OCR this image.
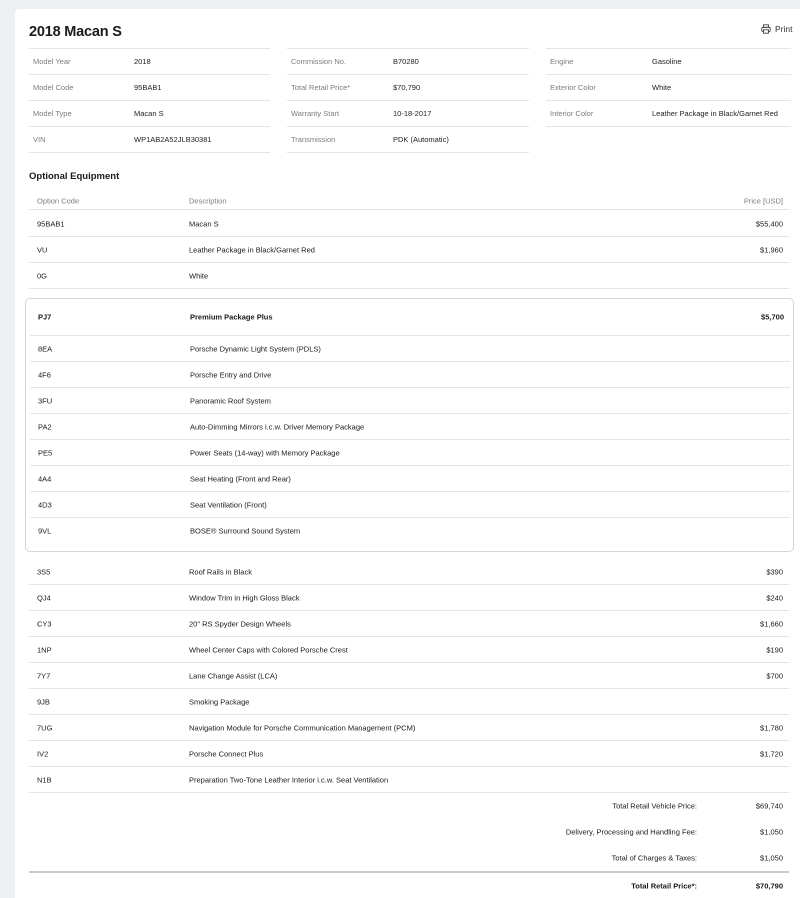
2018 Macan S	Print
Model Year	2018
Model Code	95BAB1
Model Type	Macan S
VIN	WP1AB2A52JLB30381
Commission No.	B70280
Total Retail Price*	$70,790
Warranty Start	10-18-2017
Transmission	PDK (Automatic)
Engine	Gasoline
Exterior Color	White
Interior Color	Leather Package in Black/Garnet Red
Optional Equipment
Option Code	Description	Price [USD]
95BAB1	Macan S	$55,400
VU	Leather Package in Black/Garnet Red	$1,960
0G	White
PJ7	Premium Package Plus	$5,700
8EA	Porsche Dynamic Light System (PDLS)
4F6	Porsche Entry and Drive
3FU	Panoramic Roof System
PA2	Auto-Dimming Mirrors i.c.w. Driver Memory Package
PE5	Power Seats (14-way) with Memory Package
4A4	Seat Heating (Front and Rear)
4D3	Seat Ventilation (Front)
9VL	BOSE® Surround Sound System
3S5	Roof Rails in Black	$390
QJ4	Window Trim in High Gloss Black	$240
CY3	20" RS Spyder Design Wheels	$1,660
1NP	Wheel Center Caps with Colored Porsche Crest	$190
7Y7	Lane Change Assist (LCA)	$700
9JB	Smoking Package
7UG	Navigation Module for Porsche Communication Management (PCM)	$1,780
IV2	Porsche Connect Plus	$1,720
N1B	Preparation Two-Tone Leather Interior i.c.w. Seat Ventilation
Total Retail Vehicle Price:	$69,740
Delivery, Processing and Handling Fee:	$1,050
Total of Charges & Taxes:	$1,050
Total Retail Price*:	$70,790
